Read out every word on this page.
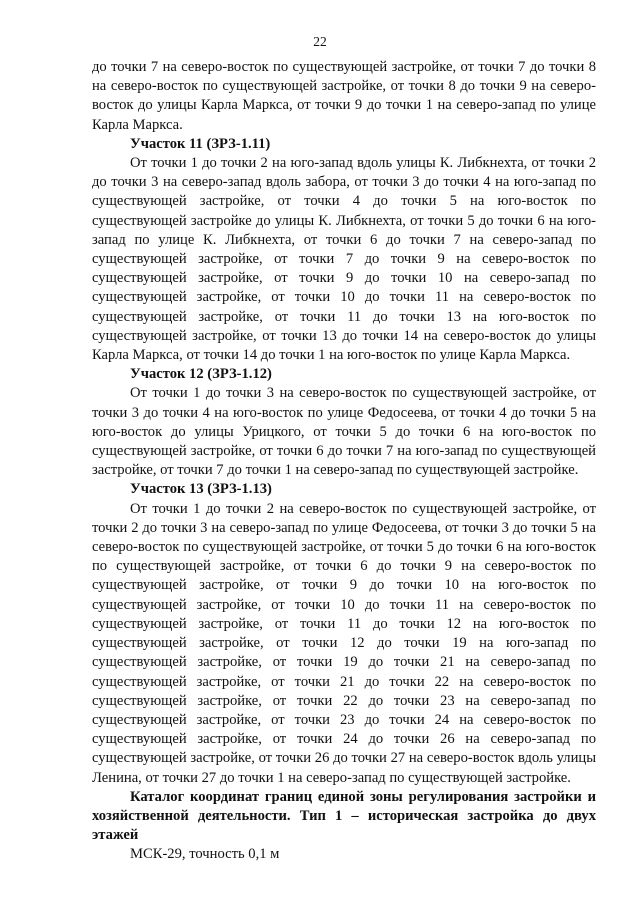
22

до точки 7 на северо-восток по существующей застройке, от точки 7 до точки 8 на северо-восток по существующей застройке, от точки 8 до точки 9 на северо-восток до улицы Карла Маркса, от точки 9 до точки 1 на северо-запад по улице Карла Маркса.

Участок 11 (ЗРЗ-1.11)

От точки 1 до точки 2 на юго-запад вдоль улицы К. Либкнехта, от точки 2 до точки 3 на северо-запад вдоль забора, от точки 3 до точки 4 на юго-запад по существующей застройке, от точки 4 до точки 5 на юго-восток по существующей застройке до улицы К. Либкнехта, от точки 5 до точки 6 на юго-запад по улице К. Либкнехта, от точки 6 до точки 7 на северо-запад по существующей застройке, от точки 7 до точки 9 на северо-восток по существующей застройке, от точки 9 до точки 10 на северо-запад по существующей застройке, от точки 10 до точки 11 на северо-восток по существующей застройке, от точки 11 до точки 13 на юго-восток по существующей застройке, от точки 13 до точки 14 на северо-восток до улицы Карла Маркса, от точки 14 до точки 1 на юго-восток по улице Карла Маркса.

Участок 12 (ЗРЗ-1.12)

От точки 1 до точки 3 на северо-восток по существующей застройке, от точки 3 до точки 4 на юго-восток по улице Федосеева, от точки 4 до точки 5 на юго-восток до улицы Урицкого, от точки 5 до точки 6 на юго-восток по существующей застройке, от точки 6 до точки 7 на юго-запад по существующей застройке, от точки 7 до точки 1 на северо-запад по существующей застройке.

Участок 13 (ЗРЗ-1.13)

От точки 1 до точки 2 на северо-восток по существующей застройке, от точки 2 до точки 3 на северо-запад по улице Федосеева, от точки 3 до точки 5 на северо-восток по существующей застройке, от точки 5 до точки 6 на юго-восток по существующей застройке, от точки 6 до точки 9 на северо-восток по существующей застройке, от точки 9 до точки 10 на юго-восток по существующей застройке, от точки 10 до точки 11 на северо-восток по существующей застройке, от точки 11 до точки 12 на юго-восток по существующей застройке, от точки 12 до точки 19 на юго-запад по существующей застройке, от точки 19 до точки 21 на северо-запад по существующей застройке, от точки 21 до точки 22 на северо-восток по существующей застройке, от точки 22 до точки 23 на северо-запад по существующей застройке, от точки 23 до точки 24 на северо-восток по существующей застройке, от точки 24 до точки 26 на северо-запад по существующей застройке, от точки 26 до точки 27 на северо-восток вдоль улицы Ленина, от точки 27 до точки 1 на северо-запад по существующей застройке.

Каталог координат границ единой зоны регулирования застройки и хозяйственной деятельности. Тип 1 – историческая застройка до двух этажей

МСК-29, точность 0,1 м
